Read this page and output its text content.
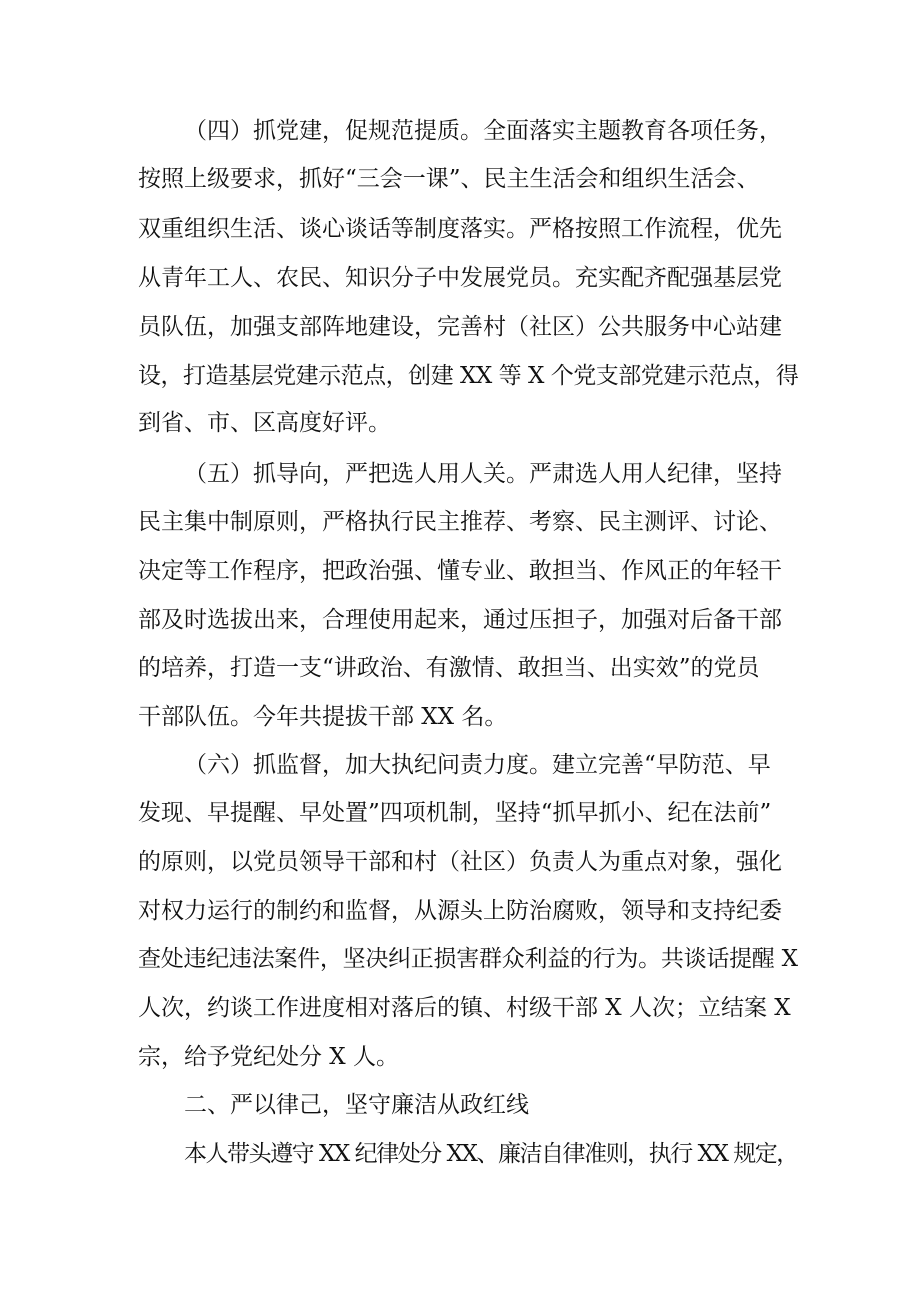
（四）抓党建，促规范提质。全面落实主题教育各项任务，
按照上级要求，抓好“三会一课”、民主生活会和组织生活会、
双重组织生活、谈心谈话等制度落实。严格按照工作流程，优先
从青年工人、农民、知识分子中发展党员。充实配齐配强基层党
员队伍，加强支部阵地建设，完善村（社区）公共服务中心站建
设，打造基层党建示范点，创建 XX 等 X 个党支部党建示范点，得
到省、市、区高度好评。
（五）抓导向，严把选人用人关。严肃选人用人纪律，坚持
民主集中制原则，严格执行民主推荐、考察、民主测评、讨论、
决定等工作程序，把政治强、懂专业、敢担当、作风正的年轻干
部及时选拔出来，合理使用起来，通过压担子，加强对后备干部
的培养，打造一支“讲政治、有激情、敢担当、出实效”的党员
干部队伍。今年共提拔干部 XX 名。
（六）抓监督，加大执纪问责力度。建立完善“早防范、早
发现、早提醒、早处置”四项机制，坚持“抓早抓小、纪在法前”
的原则，以党员领导干部和村（社区）负责人为重点对象，强化
对权力运行的制约和监督，从源头上防治腐败，领导和支持纪委
查处违纪违法案件，坚决纠正损害群众利益的行为。共谈话提醒 X
人次，约谈工作进度相对落后的镇、村级干部 X 人次；立结案 X
宗，给予党纪处分 X 人。
二、严以律己，坚守廉洁从政红线
本人带头遵守 XX 纪律处分 XX、廉洁自律准则，执行 XX 规定，
